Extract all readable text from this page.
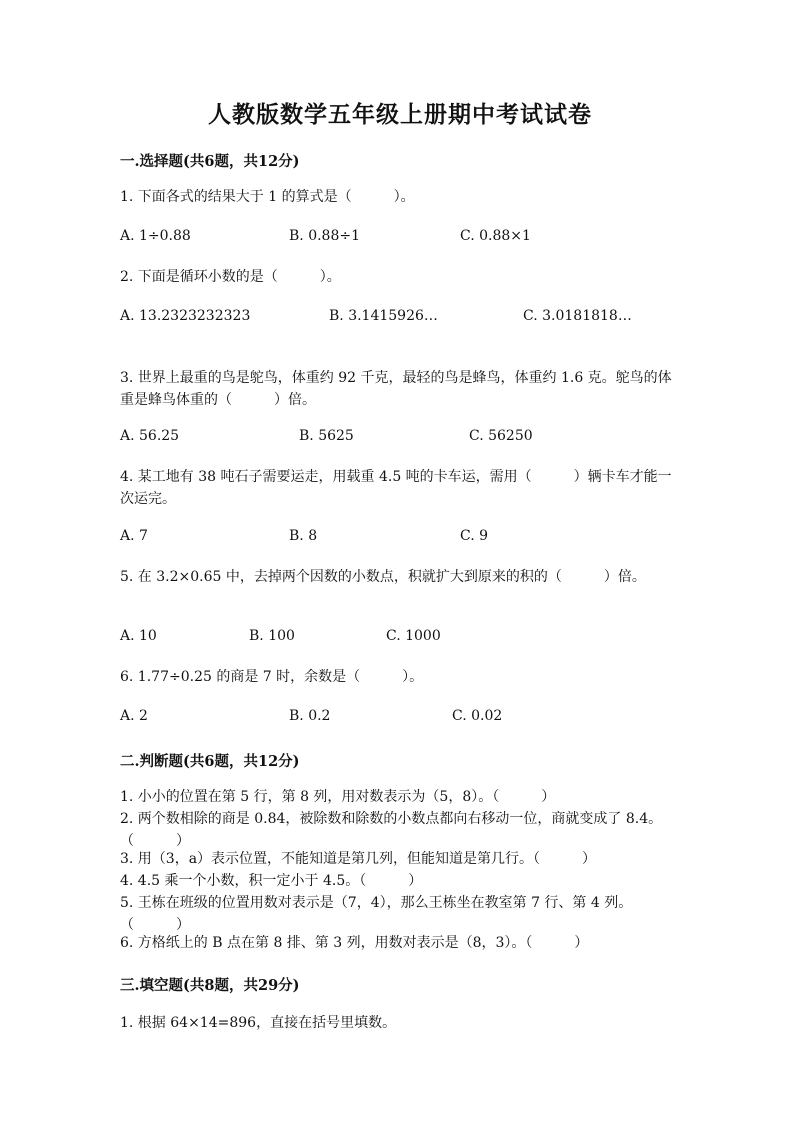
人教版数学五年级上册期中考试试卷
一.选择题(共6题，共12分)
1. 下面各式的结果大于 1 的算式是（　　　）。
A. 1÷0.88	B. 0.88÷1	C. 0.88×1
2. 下面是循环小数的是（　　　）。
A. 13.2323232323	B. 3.1415926…	C. 3.0181818…
3. 世界上最重的鸟是鸵鸟，体重约 92 千克，最轻的鸟是蜂鸟，体重约 1.6 克。鸵鸟的体重是蜂鸟体重的（　　　）倍。
A. 56.25	B. 5625	C. 56250
4. 某工地有 38 吨石子需要运走，用载重 4.5 吨的卡车运，需用（　　　）辆卡车才能一次运完。
A. 7	B. 8	C. 9
5. 在 3.2×0.65 中，去掉两个因数的小数点，积就扩大到原来的积的（　　　）倍。
A. 10	B. 100	C. 1000
6. 1.77÷0.25 的商是 7 时，余数是（　　　）。
A. 2	B. 0.2	C. 0.02
二.判断题(共6题，共12分)
1. 小小的位置在第 5 行，第 8 列，用对数表示为（5，8）。（　　　）
2. 两个数相除的商是 0.84，被除数和除数的小数点都向右移动一位，商就变成了 8.4。（　　　）
3. 用（3，a）表示位置，不能知道是第几列，但能知道是第几行。（　　　）
4. 4.5 乘一个小数，积一定小于 4.5。（　　　）
5. 王栋在班级的位置用数对表示是（7，4），那么王栋坐在教室第 7 行、第 4 列。（　　　）
6. 方格纸上的 B 点在第 8 排、第 3 列，用数对表示是（8，3）。（　　　）
三.填空题(共8题，共29分)
1. 根据 64×14=896，直接在括号里填数。
